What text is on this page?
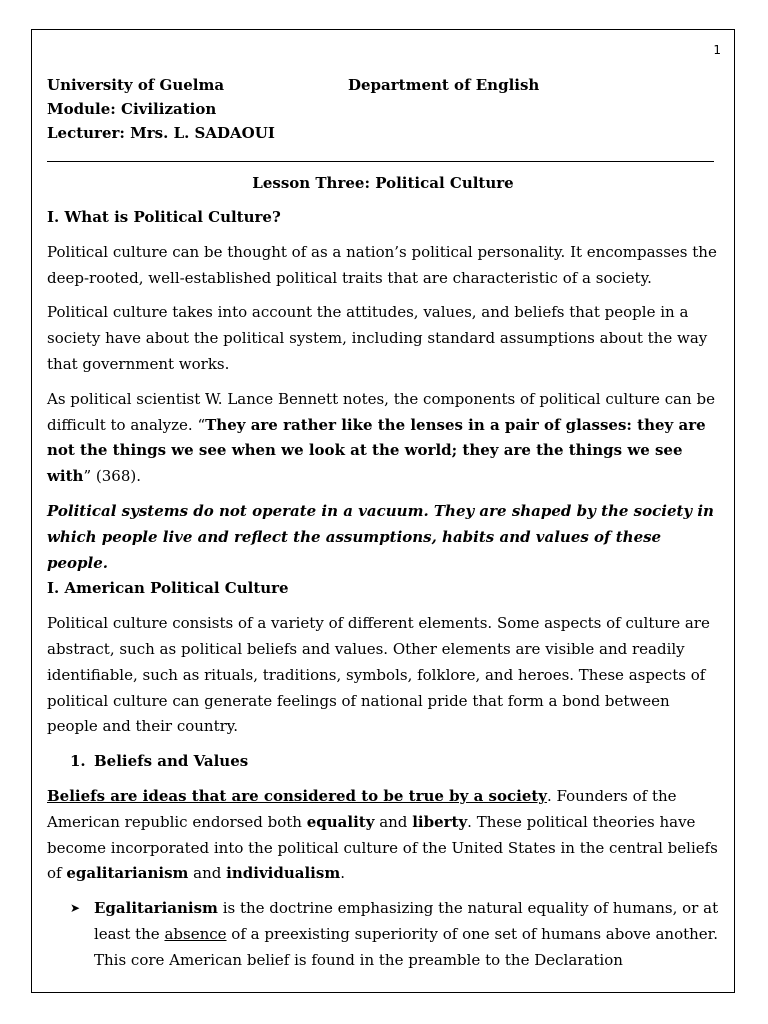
1
University of Guelma	Department of English
Module: Civilization
Lecturer: Mrs. L. SADAOUI
Lesson Three: Political Culture
I. What is Political Culture?

Political culture can be thought of as a nation’s political personality. It encompasses the deep-rooted, well-established political traits that are characteristic of a society.

Political culture takes into account the attitudes, values, and beliefs that people in a society have about the political system, including standard assumptions about the way that government works.

As political scientist W. Lance Bennett notes, the components of political culture can be difficult to analyze. “They are rather like the lenses in a pair of glasses: they are not the things we see when we look at the world; they are the things we see with” (368).

Political systems do not operate in a vacuum. They are shaped by the society in which people live and reflect the assumptions, habits and values of these people.
I. American Political Culture

Political culture consists of a variety of different elements. Some aspects of culture are abstract, such as political beliefs and values. Other elements are visible and readily identifiable, such as rituals, traditions, symbols, folklore, and heroes. These aspects of political culture can generate feelings of national pride that form a bond between people and their country.

1. Beliefs and Values

Beliefs are ideas that are considered to be true by a society. Founders of the American republic endorsed both equality and liberty. These political theories have become incorporated into the political culture of the United States in the central beliefs of egalitarianism and individualism.

➤ Egalitarianism is the doctrine emphasizing the natural equality of humans, or at least the absence of a preexisting superiority of one set of humans above another. This core American belief is found in the preamble to the Declaration
